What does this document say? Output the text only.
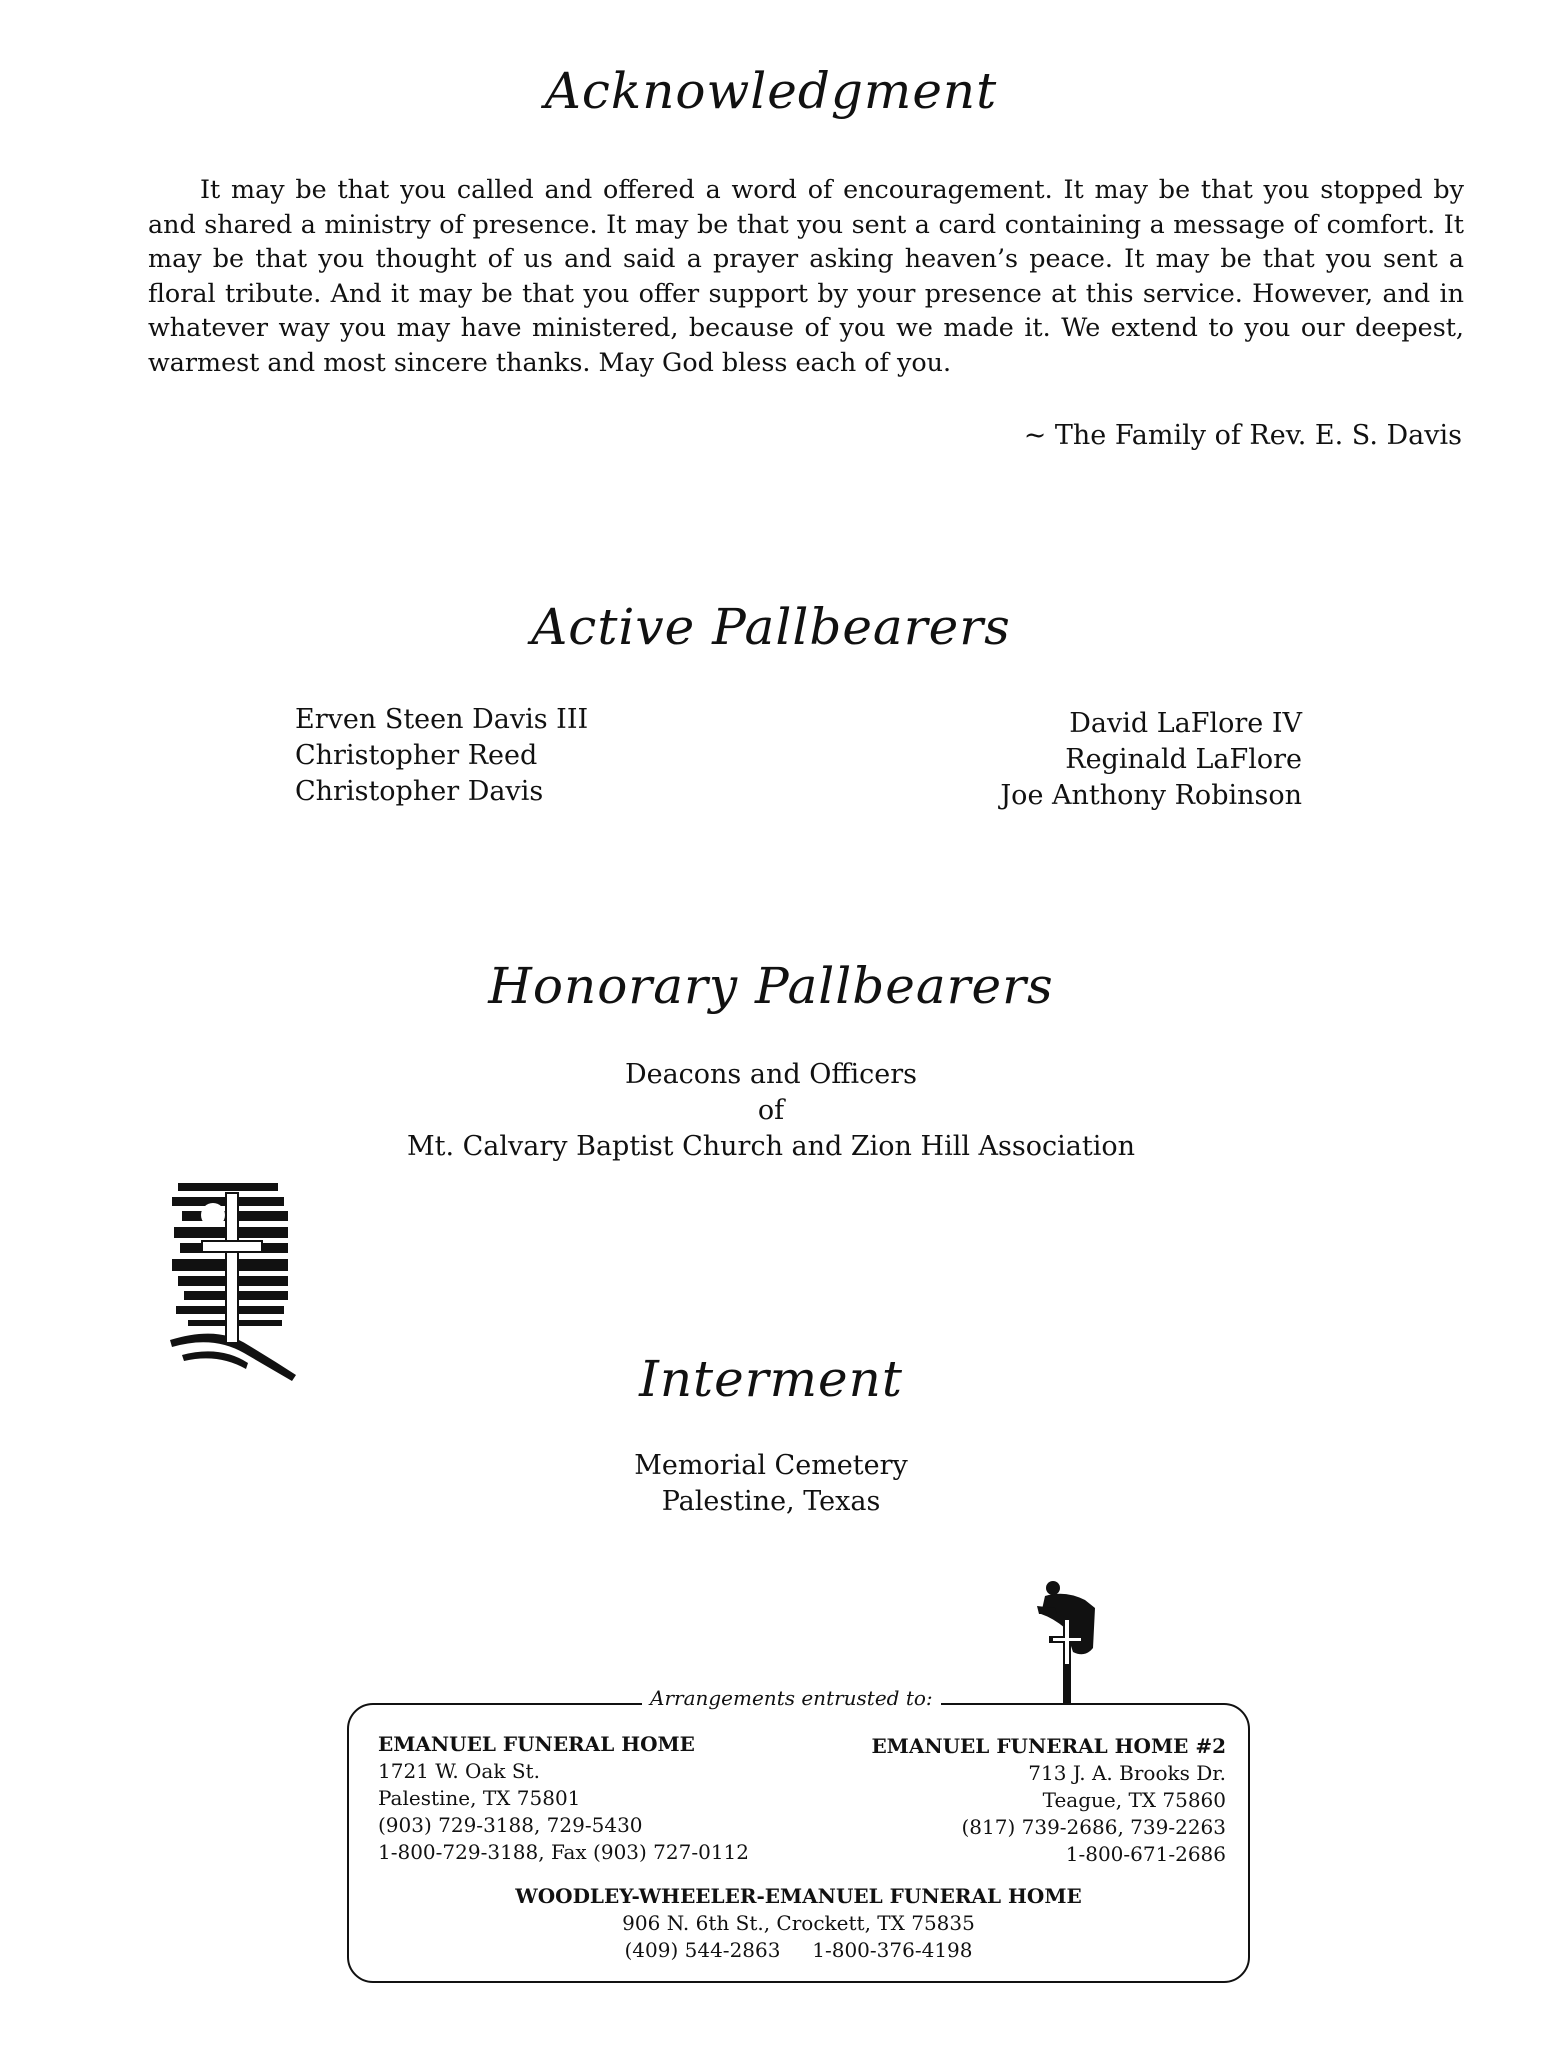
Acknowledgment
It may be that you called and offered a word of encouragement. It may be that you stopped by and shared a ministry of presence. It may be that you sent a card containing a message of comfort. It may be that you thought of us and said a prayer asking heaven’s peace. It may be that you sent a floral tribute. And it may be that you offer support by your presence at this service. However, and in whatever way you may have ministered, because of you we made it. We extend to you our deepest, warmest and most sincere thanks. May God bless each of you.
~ The Family of Rev. E. S. Davis
Active Pallbearers
Erven Steen Davis III
Christopher Reed
Christopher Davis
David LaFlore IV
Reginald LaFlore
Joe Anthony Robinson
Honorary Pallbearers
Deacons and Officers
of
Mt. Calvary Baptist Church and Zion Hill Association
Interment
Memorial Cemetery
Palestine, Texas
Arrangements entrusted to:
EMANUEL FUNERAL HOME
1721 W. Oak St.
Palestine, TX 75801
(903) 729-3188, 729-5430
1-800-729-3188, Fax (903) 727-0112
EMANUEL FUNERAL HOME #2
713 J. A. Brooks Dr.
Teague, TX 75860
(817) 739-2686, 739-2263
1-800-671-2686
WOODLEY-WHEELER-EMANUEL FUNERAL HOME
906 N. 6th St., Crockett, TX 75835
(409) 544-2863     1-800-376-4198
